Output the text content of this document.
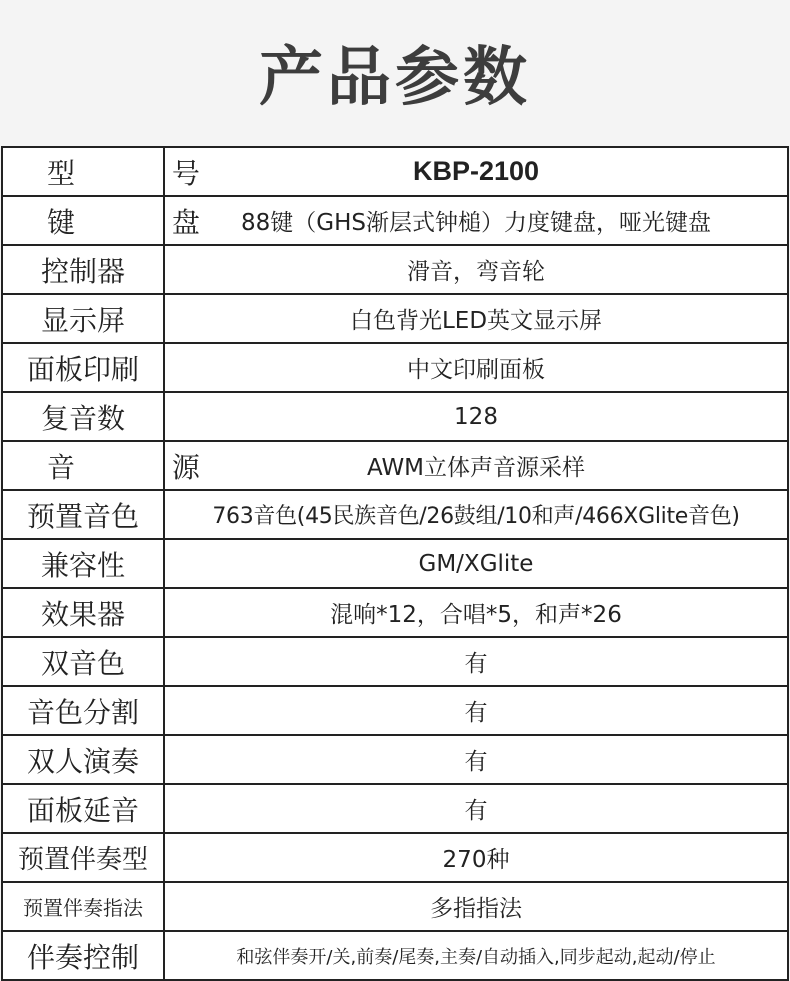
产品参数
型 号	KBP-2100
键 盘	88键（GHS渐层式钟槌）力度键盘，哑光键盘
控制器	滑音，弯音轮
显示屏	白色背光LED英文显示屏
面板印刷	中文印刷面板
复音数	128
音 源	AWM立体声音源采样
预置音色	763音色(45民族音色/26鼓组/10和声/466XGlite音色)
兼容性	GM/XGlite
效果器	混响*12，合唱*5，和声*26
双音色	有
音色分割	有
双人演奏	有
面板延音	有
预置伴奏型	270种
预置伴奏指法	多指指法
伴奏控制	和弦伴奏开/关,前奏/尾奏,主奏/自动插入,同步起动,起动/停止
